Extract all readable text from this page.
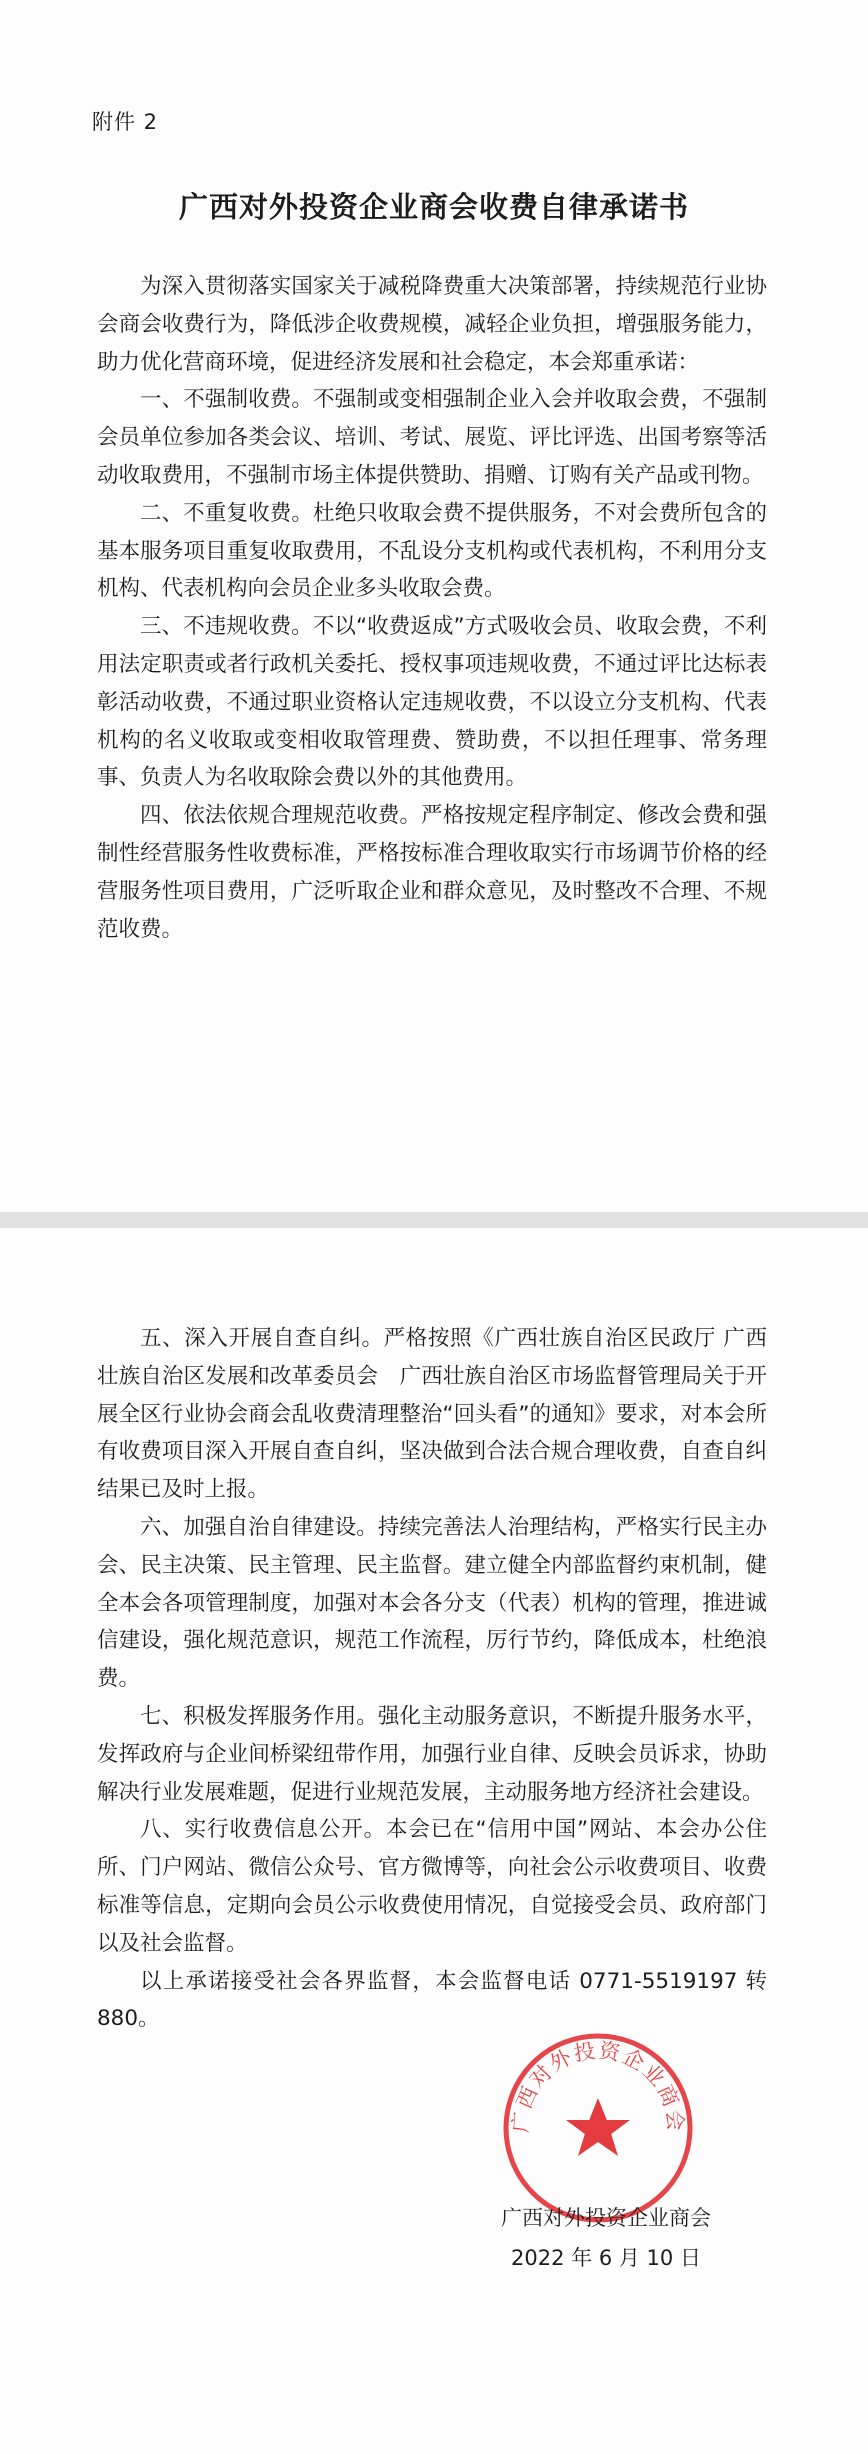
附件 2
广西对外投资企业商会收费自律承诺书

为深入贯彻落实国家关于减税降费重大决策部署，持续规范行业协会商会收费行为，降低涉企收费规模，减轻企业负担，增强服务能力，助力优化营商环境，促进经济发展和社会稳定，本会郑重承诺：

一、不强制收费。不强制或变相强制企业入会并收取会费，不强制会员单位参加各类会议、培训、考试、展览、评比评选、出国考察等活动收取费用，不强制市场主体提供赞助、捐赠、订购有关产品或刊物。

二、不重复收费。杜绝只收取会费不提供服务，不对会费所包含的基本服务项目重复收取费用，不乱设分支机构或代表机构，不利用分支机构、代表机构向会员企业多头收取会费。

三、不违规收费。不以“收费返成”方式吸收会员、收取会费，不利用法定职责或者行政机关委托、授权事项违规收费，不通过评比达标表彰活动收费，不通过职业资格认定违规收费，不以设立分支机构、代表机构的名义收取或变相收取管理费、赞助费，不以担任理事、常务理事、负责人为名收取除会费以外的其他费用。

四、依法依规合理规范收费。严格按规定程序制定、修改会费和强制性经营服务性收费标准，严格按标准合理收取实行市场调节价格的经营服务性项目费用，广泛听取企业和群众意见，及时整改不合理、不规范收费。

五、深入开展自查自纠。严格按照《广西壮族自治区民政厅 广西壮族自治区发展和改革委员会　广西壮族自治区市场监督管理局关于开展全区行业协会商会乱收费清理整治“回头看”的通知》要求，对本会所有收费项目深入开展自查自纠，坚决做到合法合规合理收费，自查自纠结果已及时上报。

六、加强自治自律建设。持续完善法人治理结构，严格实行民主办会、民主决策、民主管理、民主监督。建立健全内部监督约束机制，健全本会各项管理制度，加强对本会各分支（代表）机构的管理，推进诚信建设，强化规范意识，规范工作流程，厉行节约，降低成本，杜绝浪费。

七、积极发挥服务作用。强化主动服务意识，不断提升服务水平，发挥政府与企业间桥梁纽带作用，加强行业自律、反映会员诉求，协助解决行业发展难题，促进行业规范发展，主动服务地方经济社会建设。

八、实行收费信息公开。本会已在“信用中国”网站、本会办公住所、门户网站、微信公众号、官方微博等，向社会公示收费项目、收费标准等信息，定期向会员公示收费使用情况，自觉接受会员、政府部门以及社会监督。

以上承诺接受社会各界监督，本会监督电话 0771-5519197 转 880。

广西对外投资企业商会
广西对外投资企业商会
2022 年 6 月 10 日
